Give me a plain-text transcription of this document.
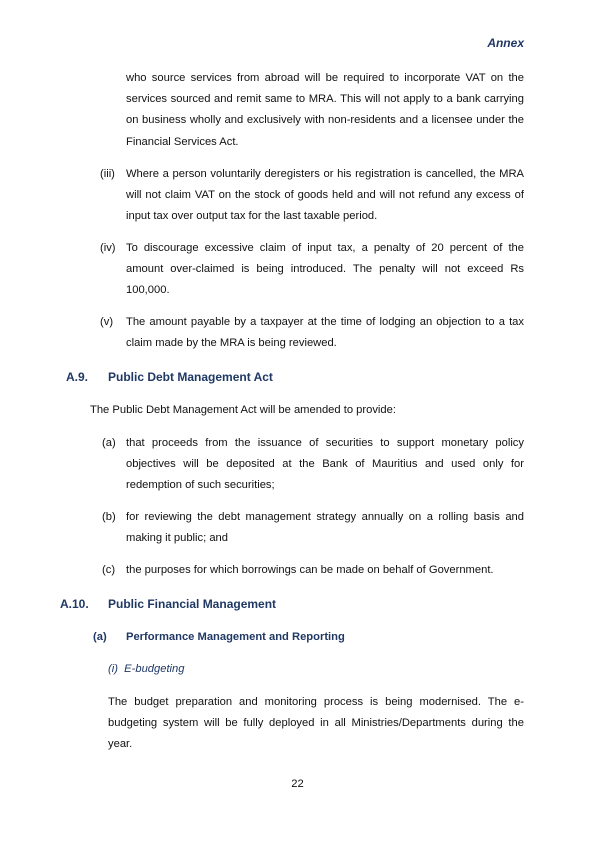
Annex
who source services from abroad will be required to incorporate VAT on the services sourced and remit same to MRA. This will not apply to a bank carrying on business wholly and exclusively with non-residents and a licensee under the Financial Services Act.
(iii) Where a person voluntarily deregisters or his registration is cancelled, the MRA will not claim VAT on the stock of goods held and will not refund any excess of input tax over output tax for the last taxable period.
(iv) To discourage excessive claim of input tax, a penalty of 20 percent of the amount over-claimed is being introduced. The penalty will not exceed Rs 100,000.
(v) The amount payable by a taxpayer at the time of lodging an objection to a tax claim made by the MRA is being reviewed.
A.9. Public Debt Management Act
The Public Debt Management Act will be amended to provide:
(a) that proceeds from the issuance of securities to support monetary policy objectives will be deposited at the Bank of Mauritius and used only for redemption of such securities;
(b) for reviewing the debt management strategy annually on a rolling basis and making it public; and
(c) the purposes for which borrowings can be made on behalf of Government.
A.10. Public Financial Management
(a) Performance Management and Reporting
(i)  E-budgeting
The budget preparation and monitoring process is being modernised. The e-budgeting system will be fully deployed in all Ministries/Departments during the year.
22
